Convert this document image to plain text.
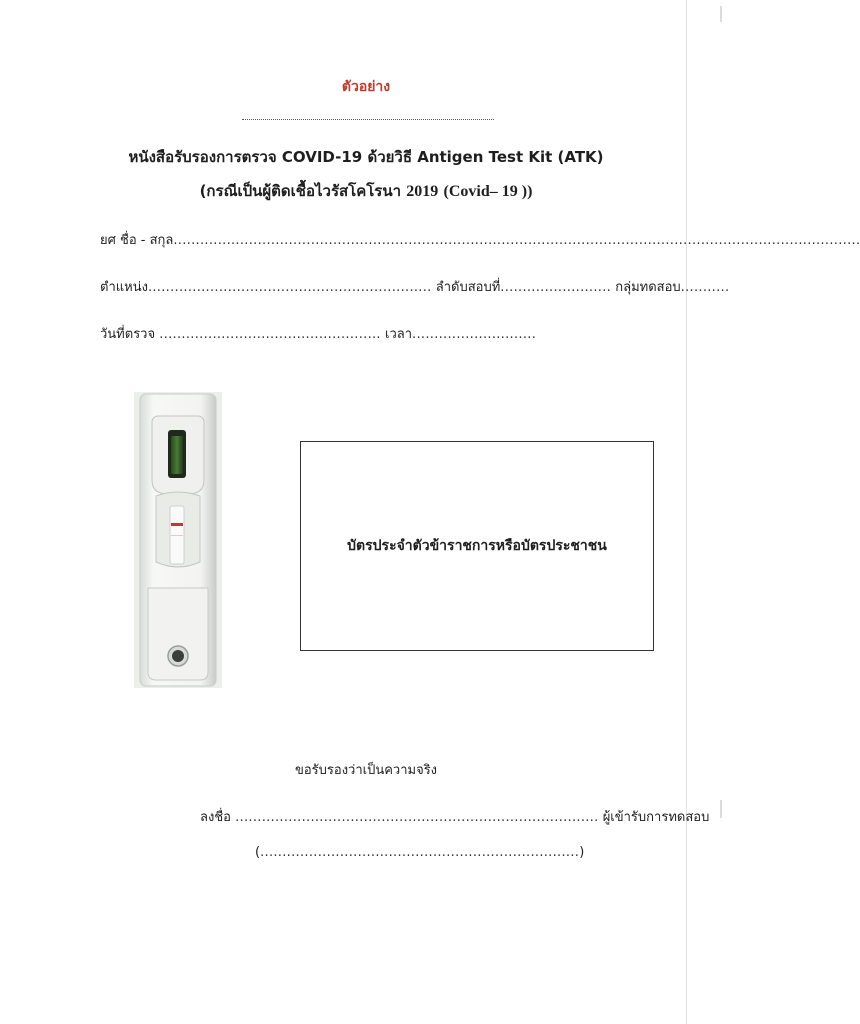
ตัวอย่าง
หนังสือรับรองการตรวจ COVID-19 ด้วยวิธี Antigen Test Kit (ATK)
(กรณีเป็นผู้ติดเชื้อไวรัสโคโรนา 2019 (Covid– 19 ))
ยศ ชื่อ - สกุล...........................................................................................................................................................
ตำแหน่ง................................................................ ลำดับสอบที่......................... กลุ่มทดสอบ...........
วันที่ตรวจ .................................................. เวลา............................
บัตรประจำตัวข้าราชการหรือบัตรประชาชน
ขอรับรองว่าเป็นความจริง
ลงชื่อ .................................................................................. ผู้เข้ารับการทดสอบ
(........................................................................)
